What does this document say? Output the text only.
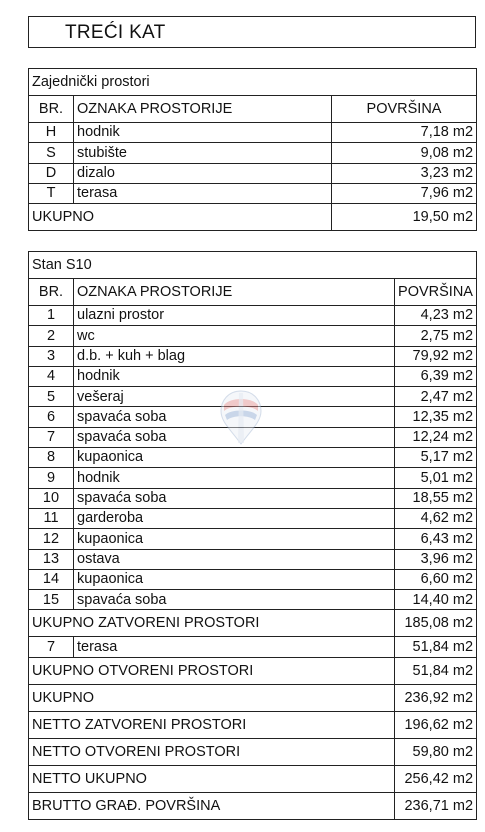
TREĆI KAT
Zajednički prostori		
BR.	OZNAKA PROSTORIJE	POVRŠINA
H	hodnik	7,18 m2
S	stubište	9,08 m2
D	dizalo	3,23 m2
T	terasa	7,96 m2
UKUPNO		19,50 m2
Stan S10		
BR.	OZNAKA PROSTORIJE	POVRŠINA
1	ulazni prostor	4,23 m2
2	wc	2,75 m2
3	d.b. + kuh + blag	79,92 m2
4	hodnik	6,39 m2
5	vešeraj	2,47 m2
6	spavaća soba	12,35 m2
7	spavaća soba	12,24 m2
8	kupaonica	5,17 m2
9	hodnik	5,01 m2
10	spavaća soba	18,55 m2
11	garderoba	4,62 m2
12	kupaonica	6,43 m2
13	ostava	3,96 m2
14	kupaonica	6,60 m2
15	spavaća soba	14,40 m2
UKUPNO ZATVORENI PROSTORI		185,08 m2
7	terasa	51,84 m2
UKUPNO OTVORENI PROSTORI		51,84 m2
UKUPNO		236,92 m2
NETTO ZATVORENI PROSTORI		196,62 m2
NETTO OTVORENI PROSTORI		59,80 m2
NETTO UKUPNO		256,42 m2
BRUTTO GRAĐ. POVRŠINA		236,71 m2
